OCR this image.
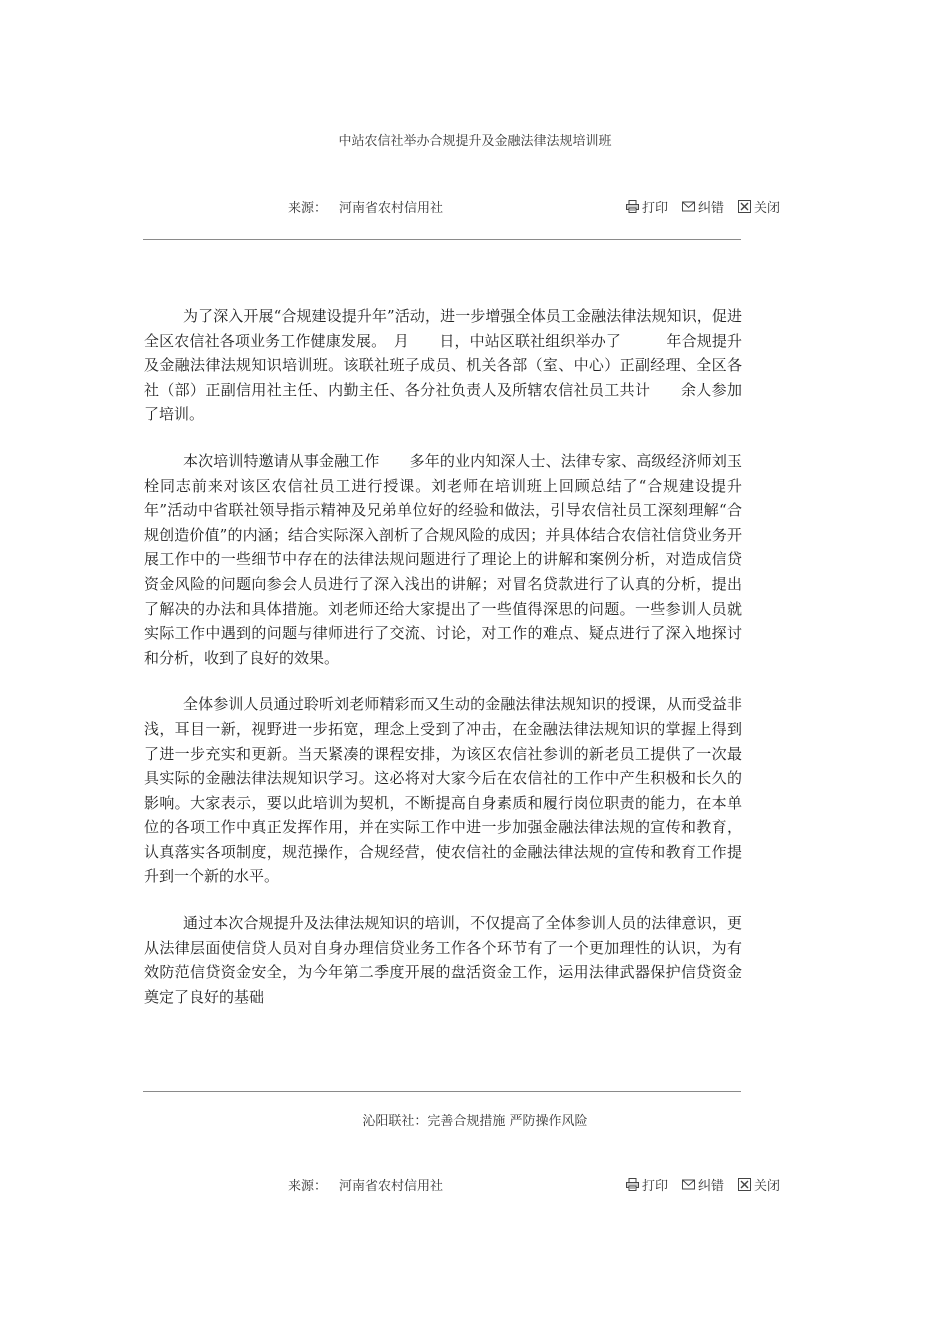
中站农信社举办合规提升及金融法律法规培训班
来源： 河南省农村信用社	打印 纠错 关闭

为了深入开展“合规建设提升年”活动，进一步增强全体员工金融法律法规知识，促进全区农信社各项业务工作健康发展。　月　　日，中站区联社组织举办了　　　年合规提升及金融法律法规知识培训班。该联社班子成员、机关各部（室、中心）正副经理、全区各社（部）正副信用社主任、内勤主任、各分社负责人及所辖农信社员工共计　　余人参加了培训。

本次培训特邀请从事金融工作　　多年的业内知深人士、法律专家、高级经济师刘玉栓同志前来对该区农信社员工进行授课。刘老师在培训班上回顾总结了“合规建设提升年”活动中省联社领导指示精神及兄弟单位好的经验和做法，引导农信社员工深刻理解“合规创造价值”的内涵；结合实际深入剖析了合规风险的成因；并具体结合农信社信贷业务开展工作中的一些细节中存在的法律法规问题进行了理论上的讲解和案例分析，对造成信贷资金风险的问题向参会人员进行了深入浅出的讲解；对冒名贷款进行了认真的分析，提出了解决的办法和具体措施。刘老师还给大家提出了一些值得深思的问题。一些参训人员就实际工作中遇到的问题与律师进行了交流、讨论，对工作的难点、疑点进行了深入地探讨和分析，收到了良好的效果。

全体参训人员通过聆听刘老师精彩而又生动的金融法律法规知识的授课，从而受益非浅，耳目一新，视野进一步拓宽，理念上受到了冲击，在金融法律法规知识的掌握上得到了进一步充实和更新。当天紧凑的课程安排，为该区农信社参训的新老员工提供了一次最具实际的金融法律法规知识学习。这必将对大家今后在农信社的工作中产生积极和长久的影响。大家表示，要以此培训为契机，不断提高自身素质和履行岗位职责的能力，在本单位的各项工作中真正发挥作用，并在实际工作中进一步加强金融法律法规的宣传和教育，认真落实各项制度，规范操作，合规经营，使农信社的金融法律法规的宣传和教育工作提升到一个新的水平。

通过本次合规提升及法律法规知识的培训，不仅提高了全体参训人员的法律意识，更从法律层面使信贷人员对自身办理信贷业务工作各个环节有了一个更加理性的认识，为有效防范信贷资金安全，为今年第二季度开展的盘活资金工作，运用法律武器保护信贷资金奠定了良好的基础

沁阳联社：完善合规措施 严防操作风险
来源： 河南省农村信用社	打印 纠错 关闭
